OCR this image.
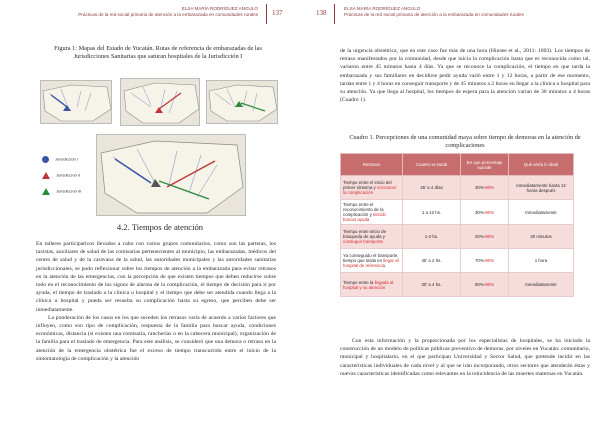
ELSA MARÍA RODRÍGUEZ ANGULO
Prácticas de la red social primaria de atención a la embarazada en comunidades rurales 137
Figura 1: Mapas del Estado de Yucatán. Rutas de referencia de embarazadas de las Jurisdicciones Sanitarias que saturan hospitales de la Jurisdicción I
Jurisdicción I
Jurisdicción II
Jurisdicción III
4.2. Tiempos de atención

En talleres participativos llevados a cabo con varios grupos comunitarios, como son las parteras, los taxistas, auxiliares de salud de las comisarías pertenecientes al municipio, las embarazadas, médicos del centro de salud y de la caravana de la salud, las autoridades municipales y las autoridades sanitarias jurisdiccionales, se pudo reflexionar sobre los tiempos de atención a la embarazada para evitar retrasos en la atención de las emergencias, con la percepción de que existen tiempos que deben reducirse sobre todo en el reconocimiento de los signos de alarma de la complicación, el tiempo de decisión para ir por ayuda, el tiempo de traslado a la clínica u hospital y el tiempo que debe ser atendida cuando llega a la clínica u hospital y pueda ser resuelta su complicación hasta su egreso, que perciben debe ser inmediatamente.

La ponderación de los casos en los que suceden los retrasos varía de acuerdo a varios factores que influyen, como son tipo de complicación, respuesta de la familia para buscar ayuda, condiciones económicas, distancia (si existen una comisaría, rancherías o en la cabecera municipal), organización de la familia para el traslado de emergencia. Para este análisis, se consideró que una demora o retraso en la atención de la emergencia obstétrica fue el exceso de tiempo transcurrido entre el inicio de la sintomatología de complicación y la atención

ELSA MARÍA RODRÍGUEZ ANGULO
Prácticas de la red social primaria de atención a la embarazada en comunidades rurales
138

de la urgencia obstétrica, que en este caso fue más de una hora (Hinsee et al., 2011: 1003). Los tiempos de retraso manifestados por la comunidad, desde que inicia la complicación hasta que es reconocida como tal, variaron entre 45 minutos hasta 4 días. Ya que se reconoce la complicación, el tiempo en que tarda la embarazada y sus familiares en decidirse pedir ayuda varió entre 1 y 12 horas, a partir de ese momento, tardan entre 1 y 4 horas en conseguir transporte y de 45 minutos a 2 horas en llegar a la clínica u hospital para su atención. Ya que llega al hospital, los tiempos de espera para la atención varían de 30 minutos a 4 horas (Cuadro 1).

Cuadro 1. Percepciones de una comunidad maya sobre tiempo de demoras en la atención de complicaciones
Retrasos	Cuanto se tarda	En que porcentaje sucede	Qué sería lo ideal
Tiempo entre el inicio del primer síntoma y reconocer la complicación	45' a 4 días	30%-80%	Inmediatamente hasta 12 horas después
Tiempo entre el reconocimiento de la complicación y decidir buscar ayuda	1 a 12 hs.	30%-80%	Inmediatamente
Tiempo entre inicio de búsqueda de ayuda y conseguir transporte	1-4 hs.	20%-80%	30 minutos
Ya conseguido el transporte, tiempo que tarda en llegar al hospital de referencia.	45' a 2 hs.	70%-80%	1 hora
Tiempo entre la llegada al hospital y su atención	30' a 4 hs.	60%-80%	Inmediatamente

Con esta información y la proporcionada por los especialistas de hospitales, se ha iniciado la construcción de un modelo de políticas públicas preventivo de demoras, por niveles en Yucatán: comunitario, municipal y hospitalario, en el que participan Universidad y Sector Salud, que pretende incidir en las características individuales de cada nivel y al que se irán incorporando, otros sectores que atenderán éstas y nuevas características identificadas como relevantes en la reincidencia de las muertes maternas en Yucatán.
